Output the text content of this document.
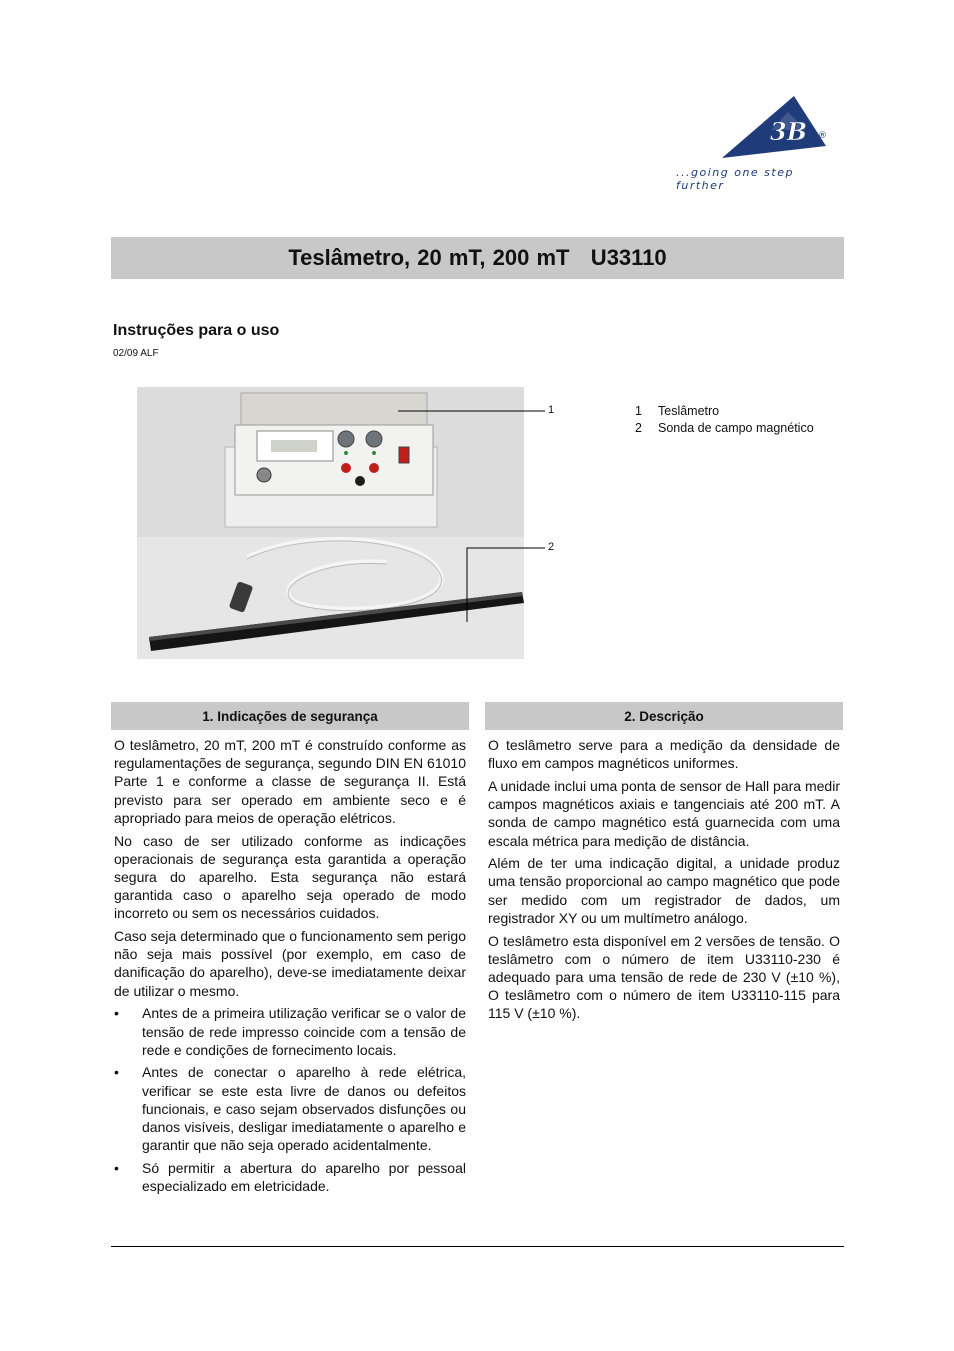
3B ®
...going one step further
Teslâmetro, 20 mT, 200 mT   U33110
Instruções para o uso
02/09 ALF
1
2
1	Teslâmetro
2	Sonda de campo magnético
1. Indicações de segurança

O teslâmetro, 20 mT, 200 mT é construído conforme as regulamentações de segurança, segundo DIN EN 61010 Parte 1 e conforme a classe de segurança II. Está previsto para ser operado em ambiente seco e é apropriado para meios de operação elétricos.

No caso de ser utilizado conforme as indicações operacionais de segurança esta garantida a operação segura do aparelho. Esta segurança não estará garantida caso o aparelho seja operado de modo incorreto ou sem os necessários cuidados.

Caso seja determinado que o funcionamento sem perigo não seja mais possível (por exemplo, em caso de danificação do aparelho), deve-se imediatamente deixar de utilizar o mesmo.

• Antes de a primeira utilização verificar se o valor de tensão de rede impresso coincide com a tensão de rede e condições de fornecimento locais.
• Antes de conectar o aparelho à rede elétrica, verificar se este esta livre de danos ou defeitos funcionais, e caso sejam observados disfunções ou danos visíveis, desligar imediatamente o aparelho e garantir que não seja operado acidentalmente.
• Só permitir a abertura do aparelho por pessoal especializado em eletricidade.
2. Descrição

O teslâmetro serve para a medição da densidade de fluxo em campos magnéticos uniformes.

A unidade inclui uma ponta de sensor de Hall para medir campos magnéticos axiais e tangenciais até 200 mT. A sonda de campo magnético está guarnecida com uma escala métrica para medição de distância.

Além de ter uma indicação digital, a unidade produz uma tensão proporcional ao campo magnético que pode ser medido com um registrador de dados, um registrador XY ou um multímetro análogo.

O teslâmetro esta disponível em 2 versões de tensão. O teslâmetro com o número de item U33110-230 é adequado para uma tensão de rede de 230 V (±10 %), O teslâmetro com o número de item U33110-115 para 115 V (±10 %).
